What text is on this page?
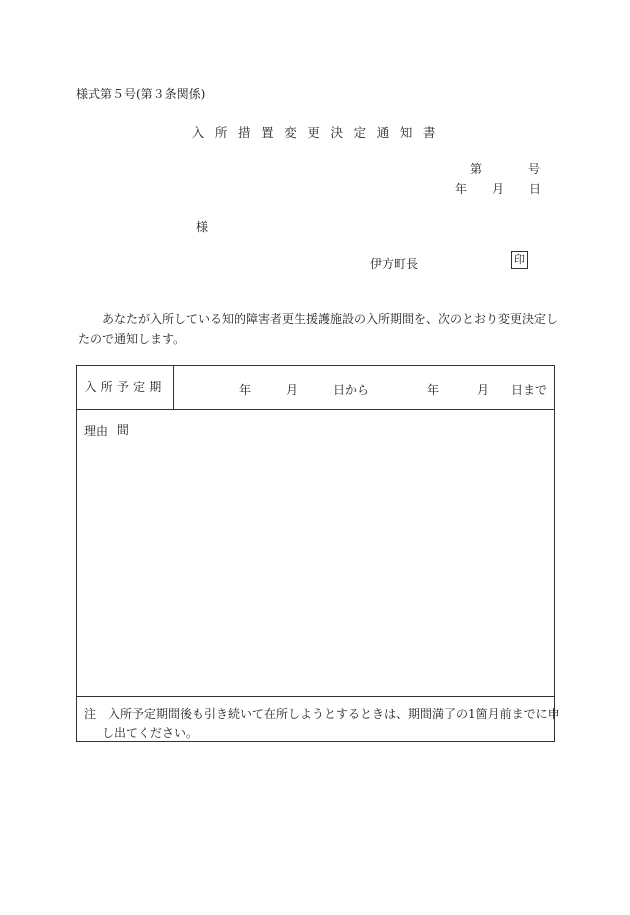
様式第５号(第３条関係)
入所措置変更決定通知書
第	号
年 月 日
様
伊方町長	印
あなたが入所している知的障害者更生援護施設の入所期間を、次のとおり変更決定したので通知します。
入所予定期間
年	月	日から	年	月 日まで
理由
注　入所予定期間後も引き続いて在所しようとするときは、期間満了の1箇月前までに申し出てください。
